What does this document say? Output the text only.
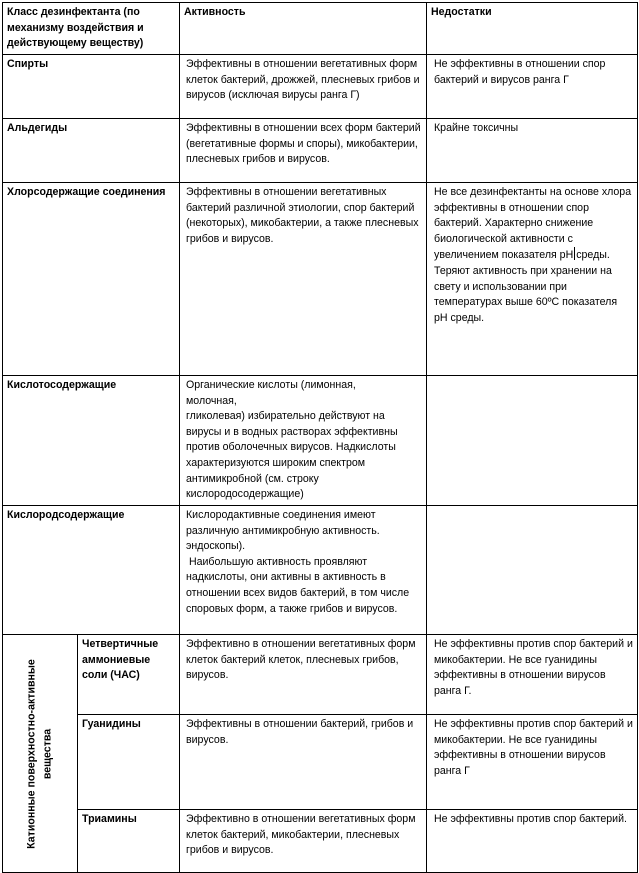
Класс дезинфектанта (по механизму воздействия и действующему веществу)		Активность	Недостатки
Спирты		Эффективны в отношении вегетативных форм клеток бактерий, дрожжей, плесневых грибов и вирусов (исключая вирусы ранга Г)	Не эффективны в отношении спор бактерий и вирусов ранга Г
Альдегиды		Эффективны в отношении всех форм бактерий (вегетативные формы и споры), микобактерии, плесневых грибов и вирусов.	Крайне токсичны
Хлорсодержащие соединения		Эффективны в отношении вегетативных бактерий различной этиологии, спор бактерий (некоторых), микобактерии, а также плесневых грибов и вирусов.	Не все дезинфектанты на основе хлора эффективны в отношении спор бактерий. Характерно снижение биологической активности с увеличением показателя pH среды. Теряют активность при хранении на свету и использовании при температурах выше 60ºC показателя pH среды.
Кислотосодержащие		Органические кислоты (лимонная,
молочная,
гликолевая) избирательно действуют на вирусы и в водных растворах эффективны против оболочечных вирусов. Надкислоты характеризуются широким спектром антимикробной (см. строку кислородосодержащие)	

Кислородсодержащие		Кислородактивные соединения имеют различную антимикробную активность. эндоскопы).
Наибольшую активность проявляют надкислоты, они активны в активность в отношении всех видов бактерий, в том числе споровых форм, а также грибов и вирусов.	

Катионные поверхностно-активные вещества	Четвертичные аммониевые соли (ЧАС)	Эффективно в отношении вегетативных форм клеток бактерий клеток, плесневых грибов, вирусов.	Не эффективны против спор бактерий и микобактерии. Не все гуанидины эффективны в отношении вирусов ранга Г.
	Гуанидины	Эффективны в отношении бактерий, грибов и вирусов.	Не эффективны против спор бактерий и микобактерии. Не все гуанидины эффективны в отношении вирусов ранга Г
	Триамины	Эффективно в отношении вегетативных форм клеток бактерий, микобактерии, плесневых грибов и вирусов.	Не эффективны против спор бактерий.
